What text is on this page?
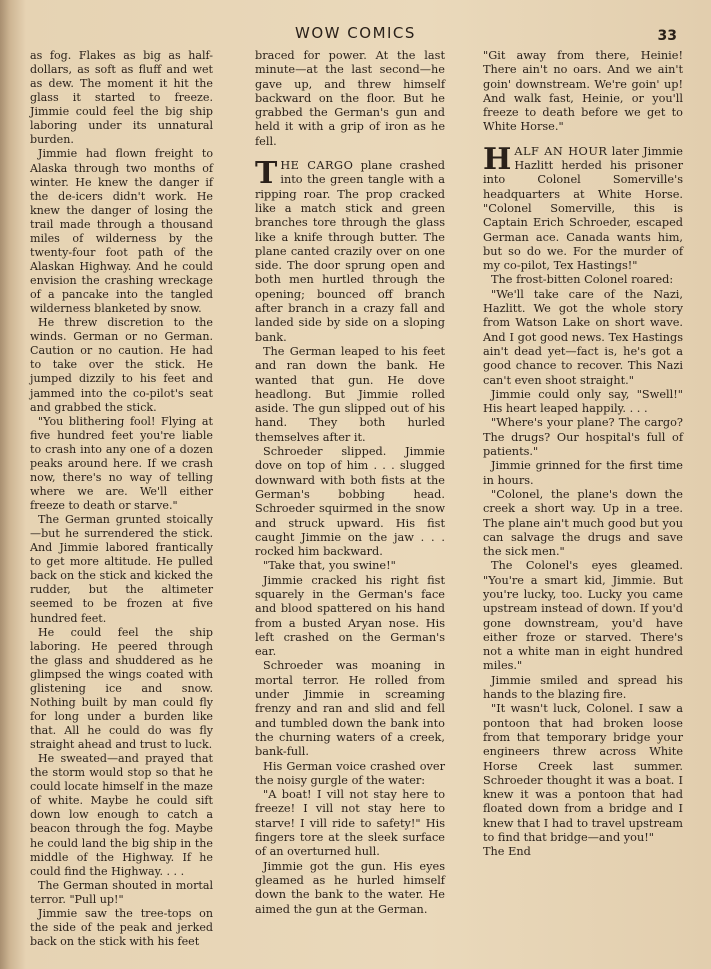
WOW COMICS	33

as fog. Flakes as big as half-dollars, as soft as fluff and wet as dew. The moment it hit the glass it started to freeze. Jimmie could feel the big ship laboring under its unnatural burden.

Jimmie had flown freight to Alaska through two months of winter. He knew the danger if the de-icers didn't work. He knew the danger of losing the trail made through a thousand miles of wilderness by the twenty-four foot path of the Alaskan Highway. And he could envision the crashing wreckage of a pancake into the tangled wilderness blanketed by snow.

He threw discretion to the winds. German or no German. Caution or no caution. He had to take over the stick. He jumped dizzily to his feet and jammed into the co-pilot's seat and grabbed the stick.

"You blithering fool! Flying at five hundred feet you're liable to crash into any one of a dozen peaks around here. If we crash now, there's no way of telling where we are. We'll either freeze to death or starve."

The German grunted stoically—but he surrendered the stick. And Jimmie labored frantically to get more altitude. He pulled back on the stick and kicked the rudder, but the altimeter seemed to be frozen at five hundred feet.

He could feel the ship laboring. He peered through the glass and shuddered as he glimpsed the wings coated with glistening ice and snow. Nothing built by man could fly for long under a burden like that. All he could do was fly straight ahead and trust to luck.

He sweated—and prayed that the storm would stop so that he could locate himself in the maze of white. Maybe he could sift down low enough to catch a beacon through the fog. Maybe he could land the big ship in the middle of the Highway. If he could find the Highway. . . .

The German shouted in mortal terror. "Pull up!"

Jimmie saw the tree-tops on the side of the peak and jerked back on the stick with his feet

braced for power. At the last minute—at the last second—he gave up, and threw himself backward on the floor. But he grabbed the German's gun and held it with a grip of iron as he fell.

THE CARGO plane crashed into the green tangle with a ripping roar. The prop cracked like a match stick and green branches tore through the glass like a knife through butter. The plane canted crazily over on one side. The door sprung open and both men hurtled through the opening; bounced off branch after branch in a crazy fall and landed side by side on a sloping bank.

The German leaped to his feet and ran down the bank. He wanted that gun. He dove headlong. But Jimmie rolled aside. The gun slipped out of his hand. They both hurled themselves after it.

Schroeder slipped. Jimmie dove on top of him . . . slugged downward with both fists at the German's bobbing head. Schroeder squirmed in the snow and struck upward. His fist caught Jimmie on the jaw . . . rocked him backward.

"Take that, you swine!"

Jimmie cracked his right fist squarely in the German's face and blood spattered on his hand from a busted Aryan nose. His left crashed on the German's ear.

Schroeder was moaning in mortal terror. He rolled from under Jimmie in screaming frenzy and ran and slid and fell and tumbled down the bank into the churning waters of a creek, bank-full.

His German voice crashed over the noisy gurgle of the water:

"A boat! I vill not stay here to freeze! I vill not stay here to starve! I vill ride to safety!" His fingers tore at the sleek surface of an overturned hull.

Jimmie got the gun. His eyes gleamed as he hurled himself down the bank to the water. He aimed the gun at the German.

"Git away from there, Heinie! There ain't no oars. And we ain't goin' downstream. We're goin' up! And walk fast, Heinie, or you'll freeze to death before we get to White Horse."

HALF AN HOUR later Jimmie Hazlitt herded his prisoner into Colonel Somerville's headquarters at White Horse. "Colonel Somerville, this is Captain Erich Schroeder, escaped German ace. Canada wants him, but so do we. For the murder of my co-pilot, Tex Hastings!"

The frost-bitten Colonel roared:

"We'll take care of the Nazi, Hazlitt. We got the whole story from Watson Lake on short wave. And I got good news. Tex Hastings ain't dead yet—fact is, he's got a good chance to recover. This Nazi can't even shoot straight."

Jimmie could only say, "Swell!" His heart leaped happily. . . .

"Where's your plane? The cargo? The drugs? Our hospital's full of patients."

Jimmie grinned for the first time in hours.

"Colonel, the plane's down the creek a short way. Up in a tree. The plane ain't much good but you can salvage the drugs and save the sick men."

The Colonel's eyes gleamed. "You're a smart kid, Jimmie. But you're lucky, too. Lucky you came upstream instead of down. If you'd gone downstream, you'd have either froze or starved. There's not a white man in eight hundred miles."

Jimmie smiled and spread his hands to the blazing fire.

"It wasn't luck, Colonel. I saw a pontoon that had broken loose from that temporary bridge your engineers threw across White Horse Creek last summer. Schroeder thought it was a boat. I knew it was a pontoon that had floated down from a bridge and I knew that I had to travel upstream to find that bridge—and you!"

The End
